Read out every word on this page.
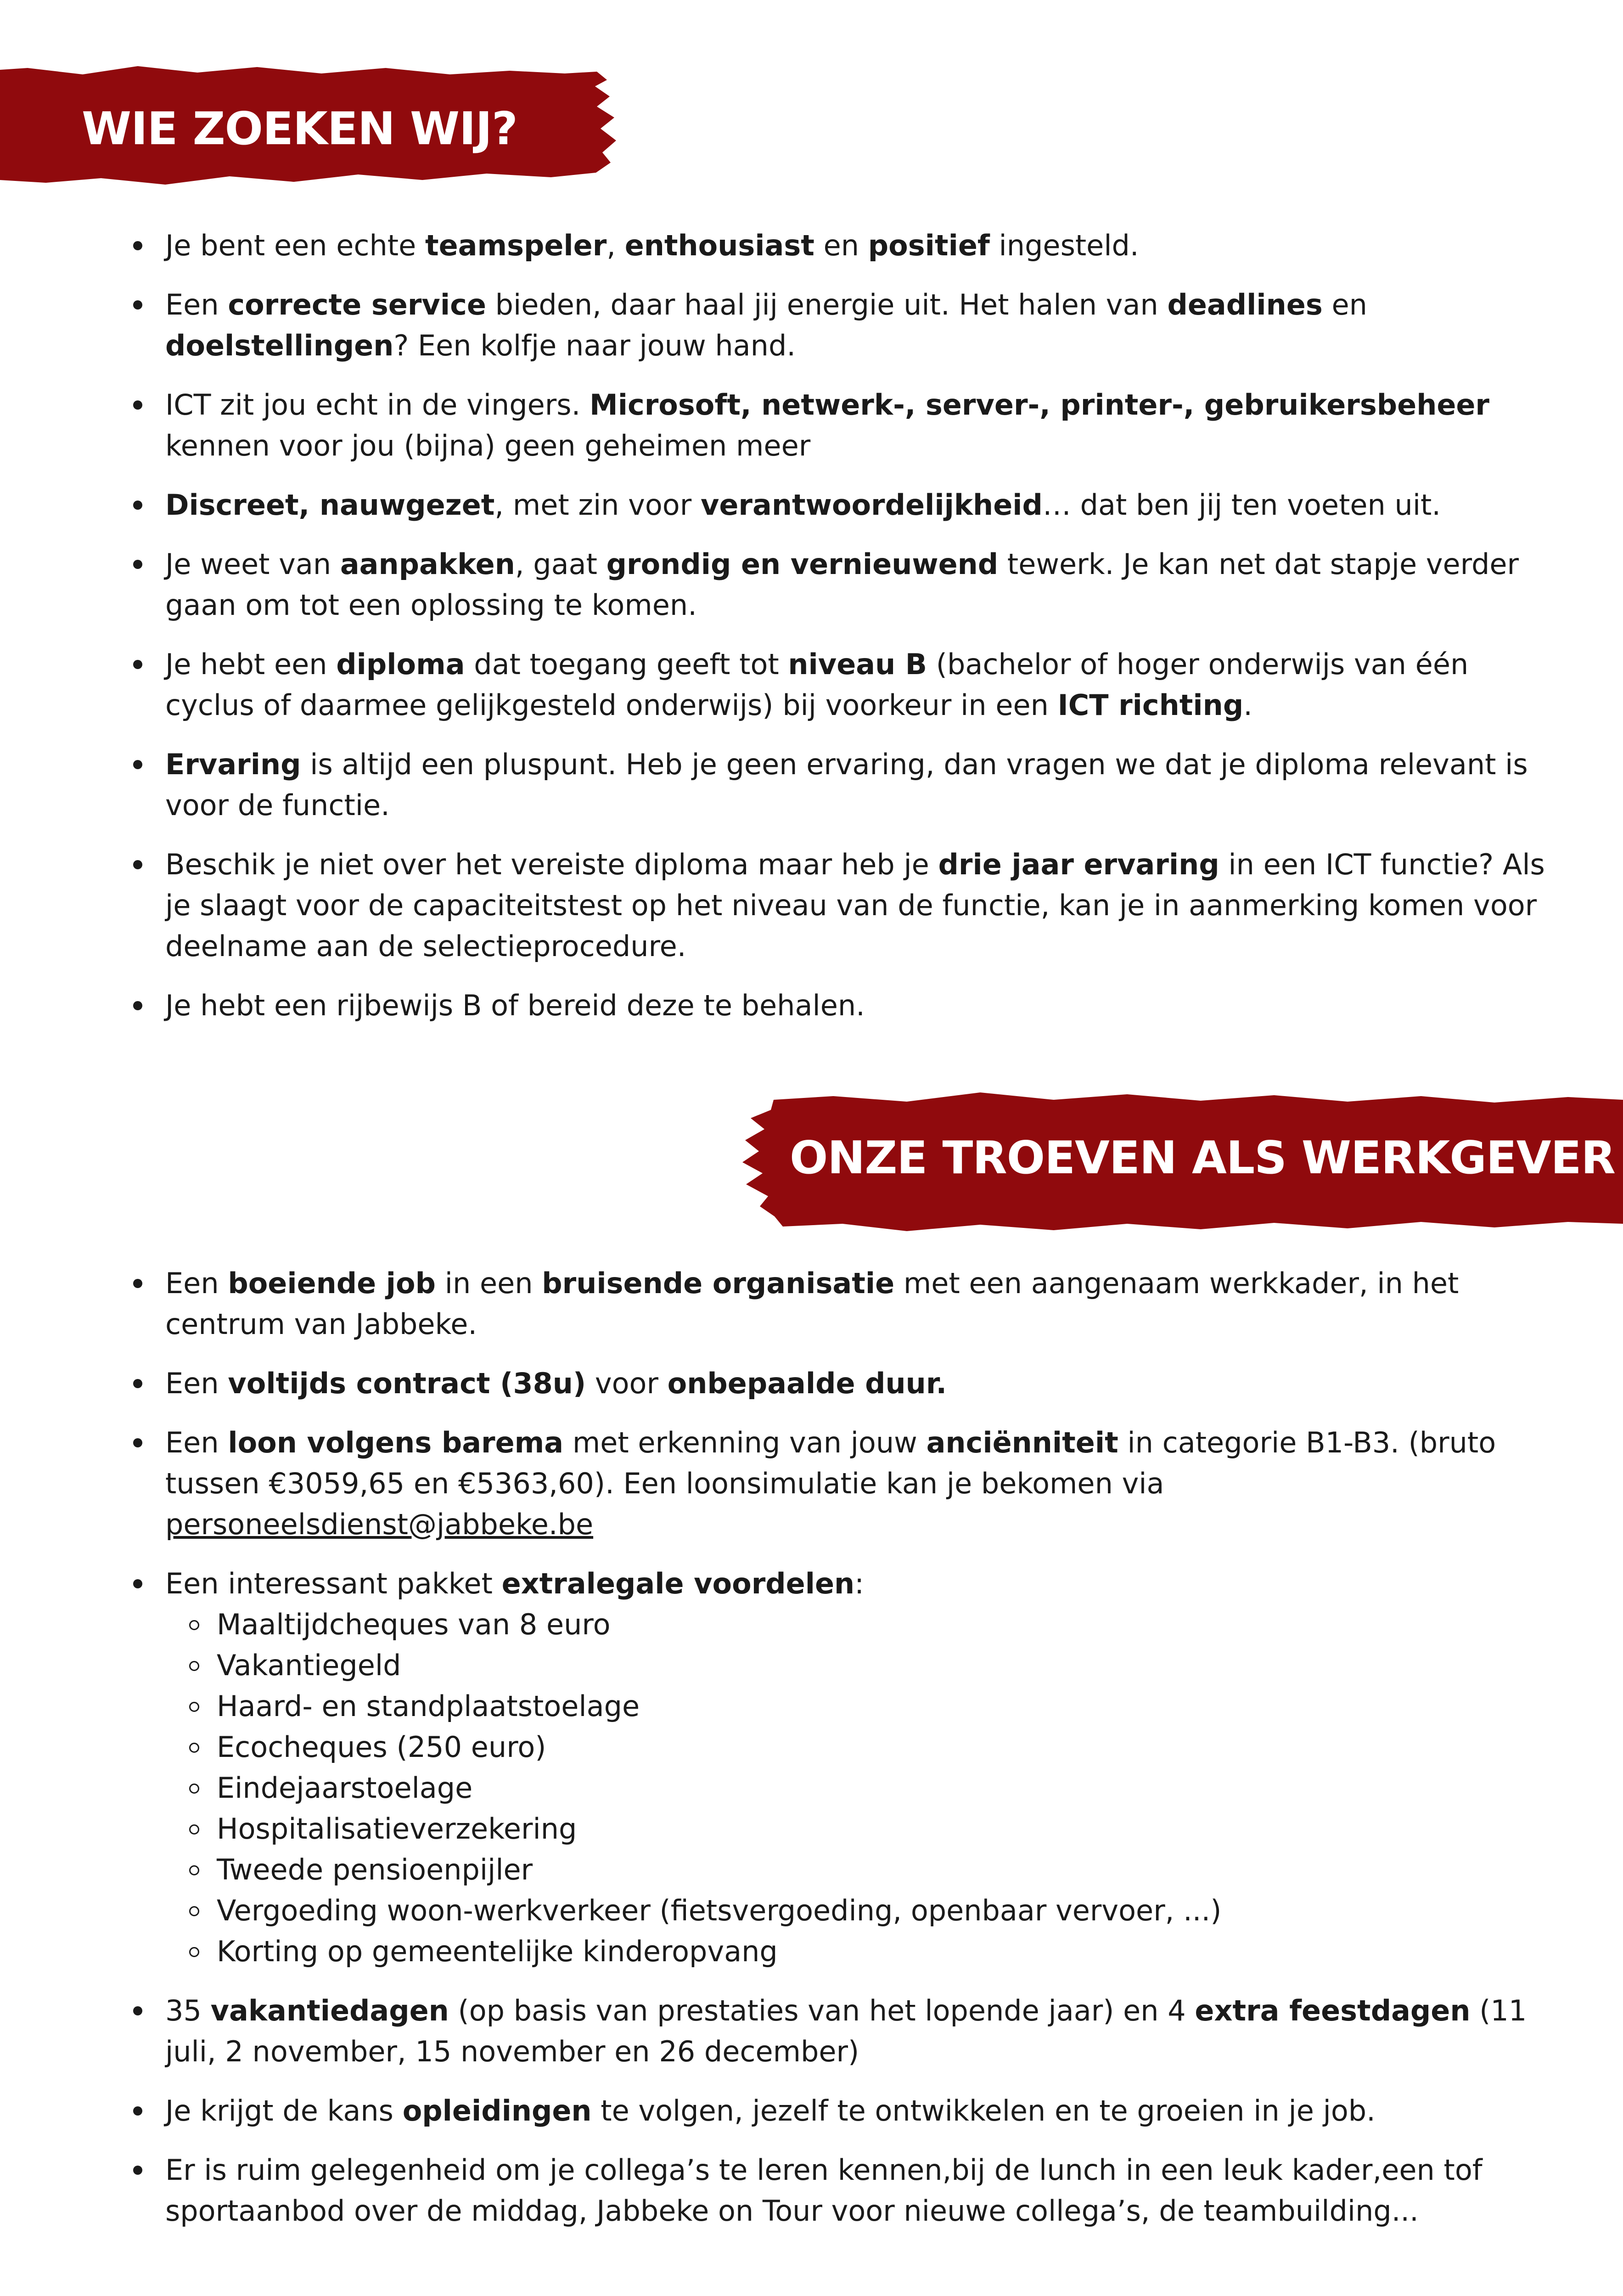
WIE ZOEKEN WIJ?
Je bent een echte teamspeler, enthousiast en positief ingesteld.
Een correcte service bieden, daar haal jij energie uit. Het halen van deadlines en doelstellingen? Een kolfje naar jouw hand.
ICT zit jou echt in de vingers. Microsoft, netwerk-, server-, printer-, gebruikersbeheer kennen voor jou (bijna) geen geheimen meer
Discreet, nauwgezet, met zin voor verantwoordelijkheid… dat ben jij ten voeten uit.
Je weet van aanpakken, gaat grondig en vernieuwend tewerk. Je kan net dat stapje verder gaan om tot een oplossing te komen.
Je hebt een diploma dat toegang geeft tot niveau B (bachelor of hoger onderwijs van één cyclus of daarmee gelijkgesteld onderwijs) bij voorkeur in een ICT richting.
Ervaring is altijd een pluspunt. Heb je geen ervaring, dan vragen we dat je diploma relevant is voor de functie.
Beschik je niet over het vereiste diploma maar heb je drie jaar ervaring in een ICT functie? Als je slaagt voor de capaciteitstest op het niveau van de functie, kan je in aanmerking komen voor deelname aan de selectieprocedure.
Je hebt een rijbewijs B of bereid deze te behalen.
ONZE TROEVEN ALS WERKGEVER
Een boeiende job in een bruisende organisatie met een aangenaam werkkader, in het centrum van Jabbeke.
Een voltijds contract (38u) voor onbepaalde duur.
Een loon volgens barema met erkenning van jouw anciënniteit in categorie B1-B3. (bruto tussen €3059,65 en €5363,60). Een loonsimulatie kan je bekomen via personeelsdienst@jabbeke.be
Een interessant pakket extralegale voordelen:
Maaltijdcheques van 8 euro
Vakantiegeld
Haard- en standplaatstoelage
Ecocheques (250 euro)
Eindejaarstoelage
Hospitalisatieverzekering
Tweede pensioenpijler
Vergoeding woon-werkverkeer (fietsvergoeding, openbaar vervoer, ...)
Korting op gemeentelijke kinderopvang
35 vakantiedagen (op basis van prestaties van het lopende jaar) en 4 extra feestdagen (11 juli, 2 november, 15 november en 26 december)
Je krijgt de kans opleidingen te volgen, jezelf te ontwikkelen en te groeien in je job.
Er is ruim gelegenheid om je collega’s te leren kennen,bij de lunch in een leuk kader,een tof sportaanbod over de middag, Jabbeke on Tour voor nieuwe collega’s, de teambuilding...
